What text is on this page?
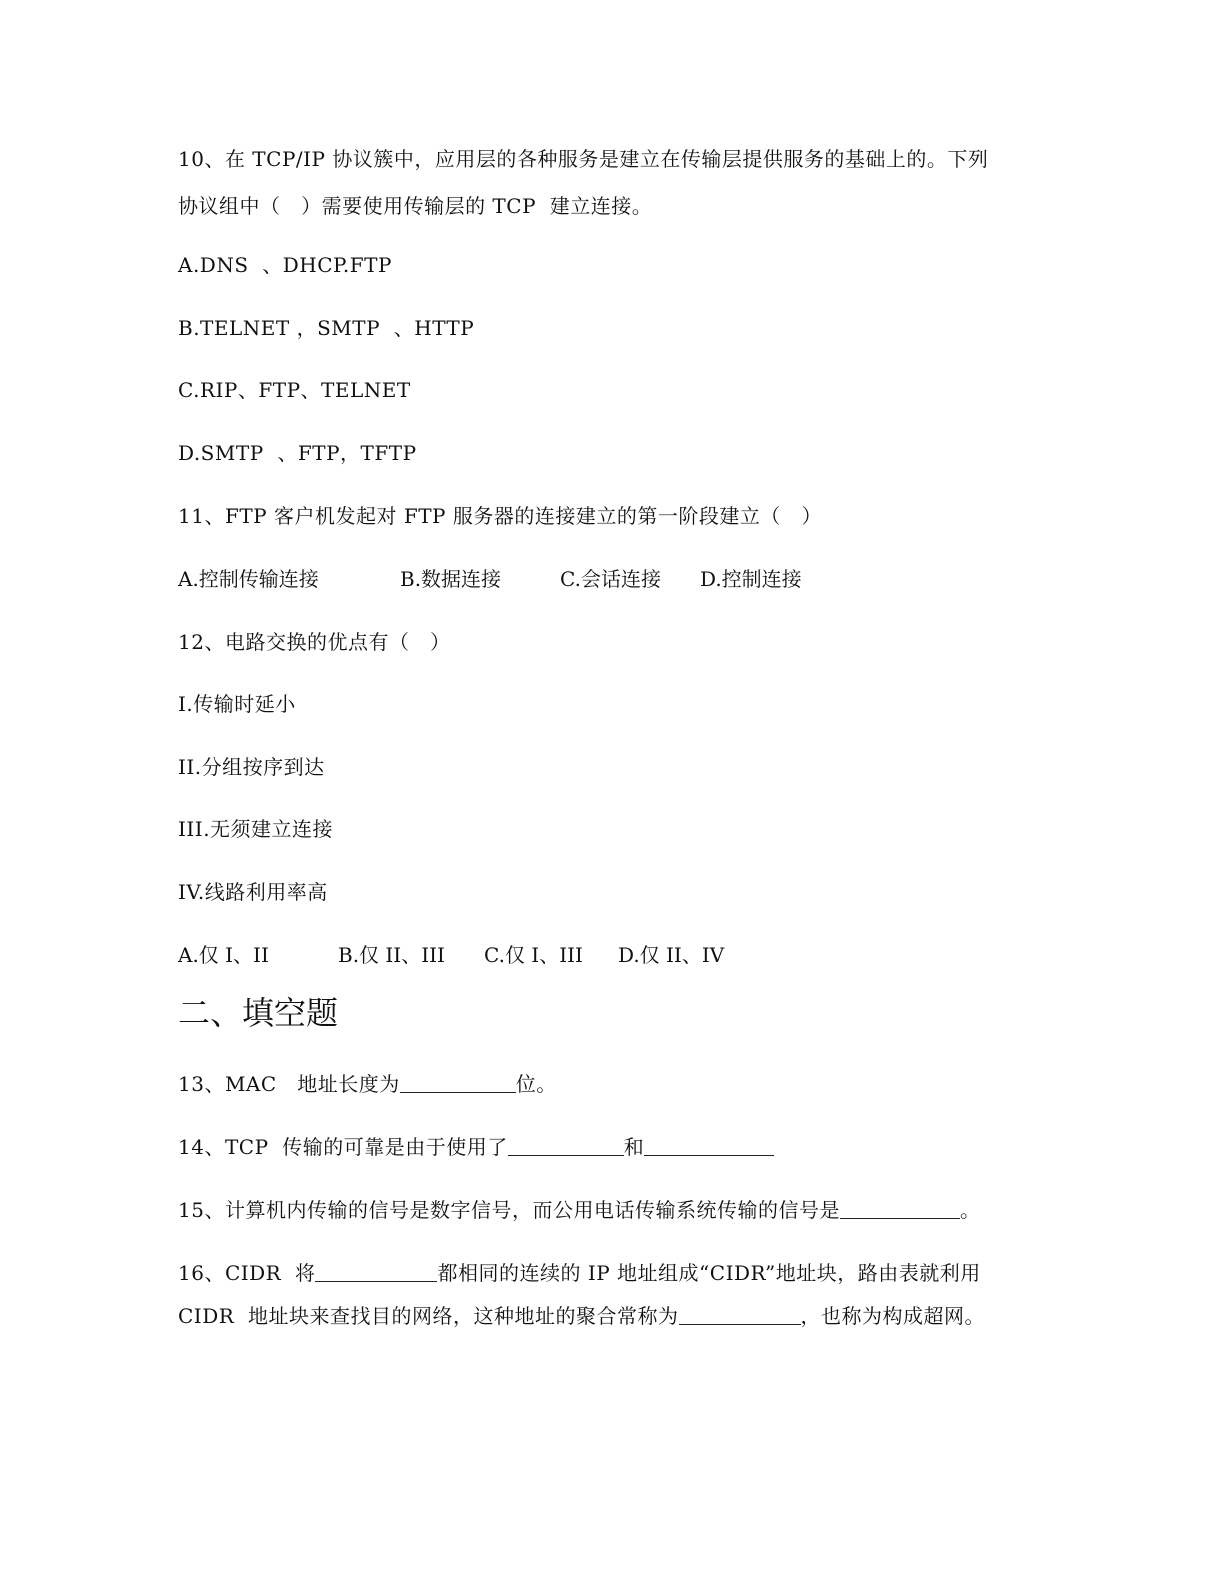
10、在 TCP/IP 协议簇中，应用层的各种服务是建立在传输层提供服务的基础上的。下列
协议组中（   ）需要使用传输层的 TCP  建立连接。
A.DNS  、DHCP.FTP
B.TELNET ，SMTP  、HTTP
C.RIP、FTP、TELNET
D.SMTP  、FTP，TFTP
11、FTP 客户机发起对 FTP 服务器的连接建立的第一阶段建立（   ）
A.控制传输连接	B.数据连接	C.会话连接 D.控制连接
12、电路交换的优点有（   ）
I.传输时延小
II.分组按序到达
III.无须建立连接
IV.线路利用率高
A.仅 I、II	B.仅 II、III C.仅 I、III D.仅 II、IV
二、填空题
13、MAC   地址长度为	位。
14、TCP  传输的可靠是由于使用了	和
15、计算机内传输的信号是数字信号，而公用电话传输系统传输的信号是	。
16、CIDR  将	都相同的连续的 IP 地址组成“CIDR”地址块，路由表就利用
CIDR  地址块来查找目的网络，这种地址的聚合常称为	，也称为构成超网。
